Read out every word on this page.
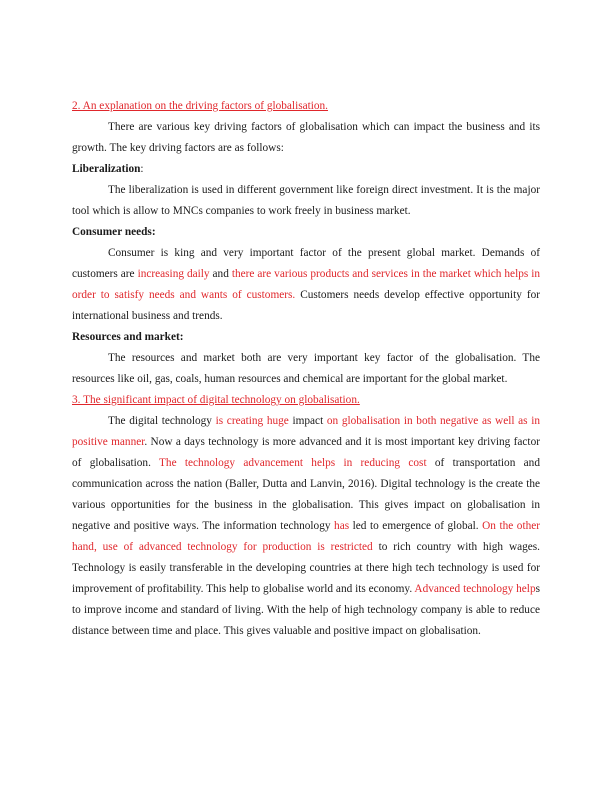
2. An explanation on the driving factors of globalisation.

There are various key driving factors of globalisation which can impact the business and its growth. The key driving factors are as follows:

Liberalization:

The liberalization is used in different government like foreign direct investment. It is the major tool which is allow to MNCs companies to work freely in business market.

Consumer needs:

Consumer is king and very important factor of the present global market. Demands of customers are increasing daily and there are various products and services in the market which helps in order to satisfy needs and wants of customers. Customers needs develop effective opportunity for international business and trends.

Resources and market:

The resources and market both are very important key factor of the globalisation. The resources like oil, gas, coals, human resources and chemical are important for the global market.

3. The significant impact of digital technology on globalisation.

The digital technology is creating huge impact on globalisation in both negative as well as in positive manner. Now a days technology is more advanced and it is most important key driving factor of globalisation. The technology advancement helps in reducing cost of transportation and communication across the nation (Baller, Dutta and Lanvin, 2016). Digital technology is the create the various opportunities for the business in the globalisation. This gives impact on globalisation in negative and positive ways. The information technology has led to emergence of global. On the other hand, use of advanced technology for production is restricted to rich country with high wages. Technology is easily transferable in the developing countries at there high tech technology is used for improvement of profitability. This help to globalise world and its economy. Advanced technology helps to improve income and standard of living. With the help of high technology company is able to reduce distance between time and place. This gives valuable and positive impact on globalisation.
